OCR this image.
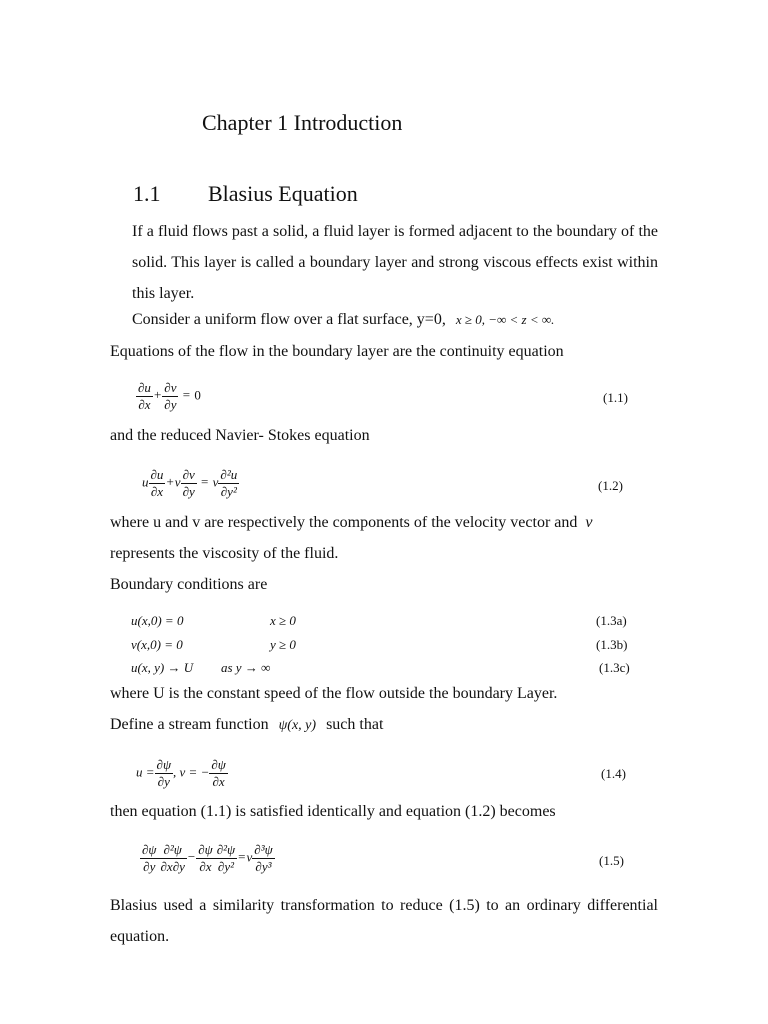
Chapter 1 Introduction
1.1 Blasius Equation

If a fluid flows past a solid, a fluid layer is formed adjacent to the boundary of the solid. This layer is called a boundary layer and strong viscous effects exist within this layer.

Consider a uniform flow over a flat surface, y=0, x ≥ 0, −∞ < z < ∞.
Equations of the flow in the boundary layer are the continuity equation
$\frac{\partial u}{\partial x} + \frac{\partial v}{\partial y} = 0$	(1.1)
and the reduced Navier- Stokes equation
u $\frac{\partial u}{\partial x} +v \frac{\partial v}{\partial y} = \nu \frac{\text{∂²u}}{\text{∂y²}}$	(1.2)
where u and v are respectively the components of the velocity vector and ν
represents the viscosity of the fluid.
Boundary conditions are
u(x,0) = 0	x ≥ 0	(1.3a)
v(x,0) = 0	y ≥ 0	(1.3b)
u(x, y) → U as y → ∞	(1.3c)
where U is the constant speed of the flow outside the boundary Layer.
Define a stream function ψ(x, y) such that
$u = \frac{\partial\psi}{\partial y}$ , v = − $\frac{\partial\psi}{\partial x}$	(1.4)
then equation (1.1) is satisfied identically and equation (1.2) becomes
$\frac{\partial\psi}{\partial y} \frac{\text{∂²ψ}}{\partial x\partial y} - \frac{\partial\psi}{\partial x} \frac{\text{∂²ψ}}{\text{∂y²}} =\nu \frac{\text{∂³ψ}}{\text{∂y³}}$	(1.5)

Blasius used a similarity transformation to reduce (1.5) to an ordinary differential equation.
